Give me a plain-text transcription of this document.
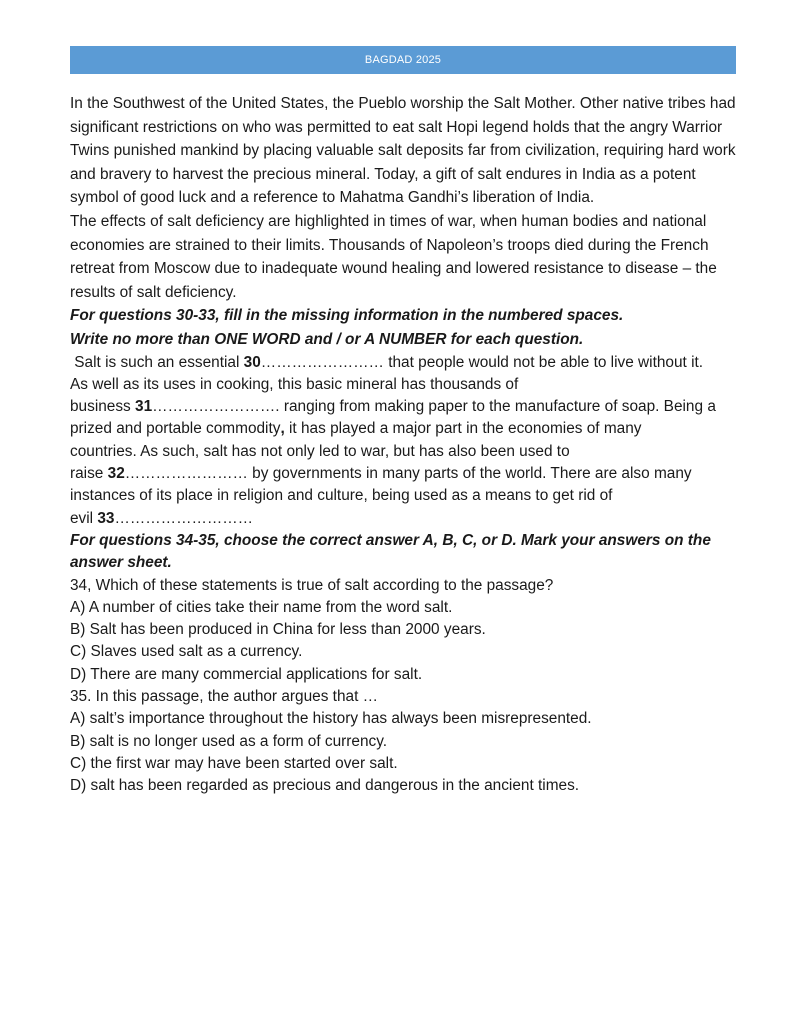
BAGDAD 2025

In the Southwest of the United States, the Pueblo worship the Salt Mother. Other native tribes had significant restrictions on who was permitted to eat salt Hopi legend holds that the angry Warrior Twins punished mankind by placing valuable salt deposits far from civilization, requiring hard work and bravery to harvest the precious mineral. Today, a gift of salt endures in India as a potent symbol of good luck and a reference to Mahatma Gandhi’s liberation of India.

The effects of salt deficiency are highlighted in times of war, when human bodies and national economies are strained to their limits. Thousands of Napoleon’s troops died during the French retreat from Moscow due to inadequate wound healing and lowered resistance to disease – the results of salt deficiency.

For questions 30-33, fill in the missing information in the numbered spaces.
Write no more than ONE WORD and / or A NUMBER for each question.

Salt is such an essential 30…………………… that people would not be able to live without it.
As well as its uses in cooking, this basic mineral has thousands of
business 31……………………. ranging from making paper to the manufacture of soap. Being a
prized and portable commodity, it has played a major part in the economies of many
countries. As such, salt has not only led to war, but has also been used to
raise 32…………………… by governments in many parts of the world. There are also many
instances of its place in religion and culture, being used as a means to get rid of
evil 33………………………

For questions 34-35, choose the correct answer A, B, C, or D. Mark your answers on the
answer sheet.

34, Which of these statements is true of salt according to the passage?
A) A number of cities take their name from the word salt.
B) Salt has been produced in China for less than 2000 years.
C) Slaves used salt as a currency.
D) There are many commercial applications for salt.
35. In this passage, the author argues that …
A) salt’s importance throughout the history has always been misrepresented.
B) salt is no longer used as a form of currency.
C) the first war may have been started over salt.
D) salt has been regarded as precious and dangerous in the ancient times.
